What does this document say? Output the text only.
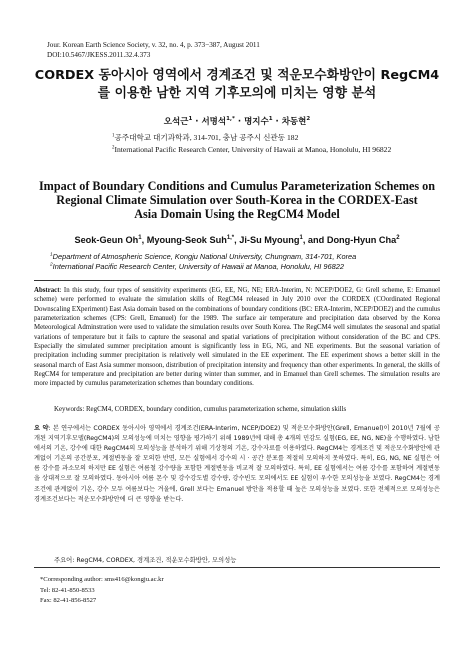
Jour. Korean Earth Science Society, v. 32, no. 4, p. 373−387, August 2011
DOI:10.5467/JKESS.2011.32.4.373
CORDEX 동아시아 영역에서 경계조건 및 적운모수화방안이 RegCM4
를 이용한 남한 지역 기후모의에 미치는 영향 분석
오석근$^1$ · 서명석$^{1,*}$ · 명지수$^1$ · 차동현$^2$
$^1$공주대학교 대기과학과, 314-701, 충남 공주시 신관동 182
$^2$International Pacific Research Center, University of Hawaii at Manoa, Honolulu, HI 96822
Impact of Boundary Conditions and Cumulus Parameterization Schemes on
Regional Climate Simulation over South-Korea in the CORDEX-East
Asia Domain Using the RegCM4 Model
Seok-Geun Oh$^1$, Myoung-Seok Suh$^{1,*}$, Ji-Su Myoung$^1$, and Dong-Hyun Cha$^2$
$^1$Department of Atmospheric Science, Kongju National University, Chungnam, 314-701, Korea
$^2$International Pacific Research Center, University of Hawaii at Manoa, Honolulu, HI 96822
Abstract: In this study, four types of sensitivity experiments (EG, EE, NG, NE; ERA-Interim, N: NCEP/DOE2, G: Grell scheme, E: Emanuel scheme) were performed to evaluate the simulation skills of RegCM4 released in July 2010 over the CORDEX (COordinated Regional Downscaling EXperiment) East Asia domain based on the combinations of boundary conditions (BC: ERA-Interim, NCEP/DOE2) and the cumulus parameterization schemes (CPS: Grell, Emanuel) for the 1989. The surface air temperature and precipitation data observed by the Korea Meteorological Adminstration were used to validate the simulation results over South Korea. The RegCM4 well simulates the seasonal and spatial variations of temperature but it fails to capture the seasonal and spatial variations of precipitation without consideration of the BC and CPS. Especially the simulated summer precipitation amount is significantly less in EG, NG, and NE experiments. But the seasonal variation of precipitation including summer precipitation is relatively well simulated in the EE experiment. The EE experiment shows a better skill in the seasonal march of East Asia summer monsoon, distribution of precipitation intensity and frequency than other experiments. In general, the skills of RegCM4 for temperature and precipitation are better during winter than summer, and in Emanuel than Grell schemes. The simulation results are more impacted by cumulus parameterization schemes than boundary conditions.
Keywords: RegCM4, CORDEX, boundary condition, cumulus parameterization scheme, simulation skills
요 약: 본 연구에서는 CORDEX 동아시아 영역에서 경계조건(ERA-Interim, NCEP/DOE2) 및 적운모수화방안(Grell, Emanuel)이 2010년 7월에 공개된 지역기후모델(RegCM4)의 모의성능에 미치는 영향을 평가하기 위해 1989년에 대해 총 4개의 민감도 실험(EG, EE, NG, NE)을 수행하였다. 남한에서의 기온, 강수에 대한 RegCM4의 모의성능을 분석하기 위해 기상청의 기온, 강수자료를 이용하였다. RegCM4는 경계조건 및 적운모수화방안에 관계없이 기온의 공간분포, 계절변동을 잘 모의한 반면, 모든 실험에서 강수의 시 · 공간 분포를 적절히 모의하지 못하였다. 특히, EG, NG, NE 실험은 여름 강수를 과소모의 하지만 EE 실험은 여름철 강수량을 포함한 계절변동을 비교적 잘 모의하였다. 특히, EE 실험에서는 여름 강수를 포함하여 계절변동을 상대적으로 잘 모의하였다. 동아시아 여름 몬수 및 강수강도별 강수량, 강수빈도 모의에서도 EE 실험이 우수한 모의성능을 보였다. RegCM4는 경계조건에 관계없이 기온, 강수 모두 여름보다는 겨울에, Grell 보다는 Emanuel 방안을 적용할 때 높은 모의성능을 보였다. 또한 전체적으로 모의성능은 경계조건보다는 적운모수화방안에 더 큰 영향을 받는다.
주요어: RegCM4, CORDEX, 경계조건, 적운모수화방안, 모의성능
*Corresponding author: sms416@kongju.ac.kr
Tel: 82-41-850-8533
Fax: 82-41-856-8527
